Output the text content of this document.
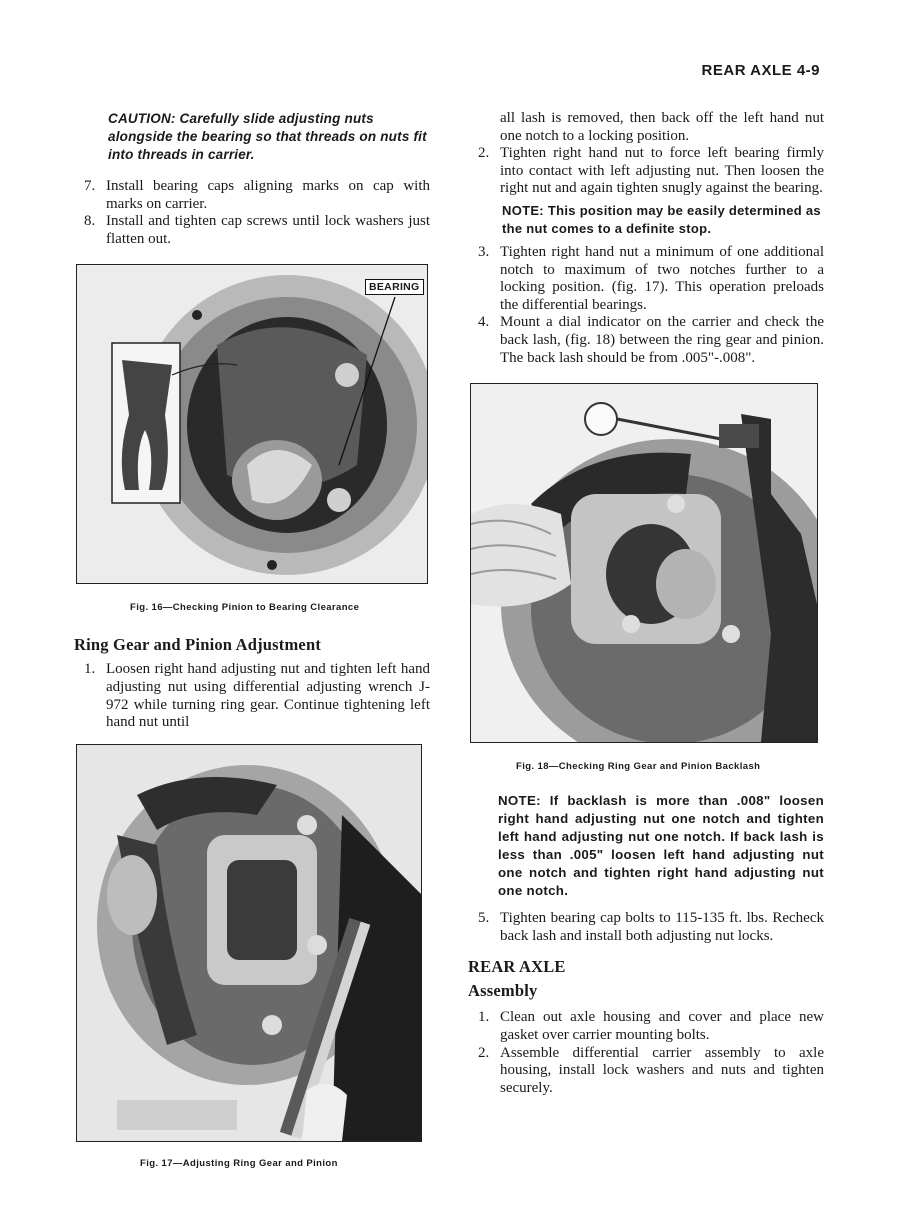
REAR AXLE 4-9

CAUTION: Carefully slide adjusting nuts alongside the bearing so that threads on nuts fit into threads in carrier.

7. Install bearing caps aligning marks on cap with marks on carrier.
8. Install and tighten cap screws until lock washers just flatten out.
BEARING
Fig. 16—Checking Pinion to Bearing Clearance
Ring Gear and Pinion Adjustment
1. Loosen right hand adjusting nut and tighten left hand adjusting nut using differential adjusting wrench J-972 while turning ring gear. Continue tightening left hand nut until
Fig. 17—Adjusting Ring Gear and Pinion

all lash is removed, then back off the left hand nut one notch to a locking position.

2. Tighten right hand nut to force left bearing firmly into contact with left adjusting nut. Then loosen the right nut and again tighten snugly against the bearing.

NOTE: This position may be easily determined as the nut comes to a definite stop.

3. Tighten right hand nut a minimum of one additional notch to maximum of two notches further to a locking position. (fig. 17). This operation preloads the differential bearings.
4. Mount a dial indicator on the carrier and check the back lash, (fig. 18) between the ring gear and pinion. The back lash should be from .005"-.008".
Fig. 18—Checking Ring Gear and Pinion Backlash

NOTE: If backlash is more than .008" loosen right hand adjusting nut one notch and tighten left hand adjusting nut one notch. If back lash is less than .005" loosen left hand adjusting nut one notch and tighten right hand adjusting nut one notch.

5. Tighten bearing cap bolts to 115-135 ft. lbs. Recheck back lash and install both adjusting nut locks.
REAR AXLE
Assembly
1. Clean out axle housing and cover and place new gasket over carrier mounting bolts.
2. Assemble differential carrier assembly to axle housing, install lock washers and nuts and tighten securely.
